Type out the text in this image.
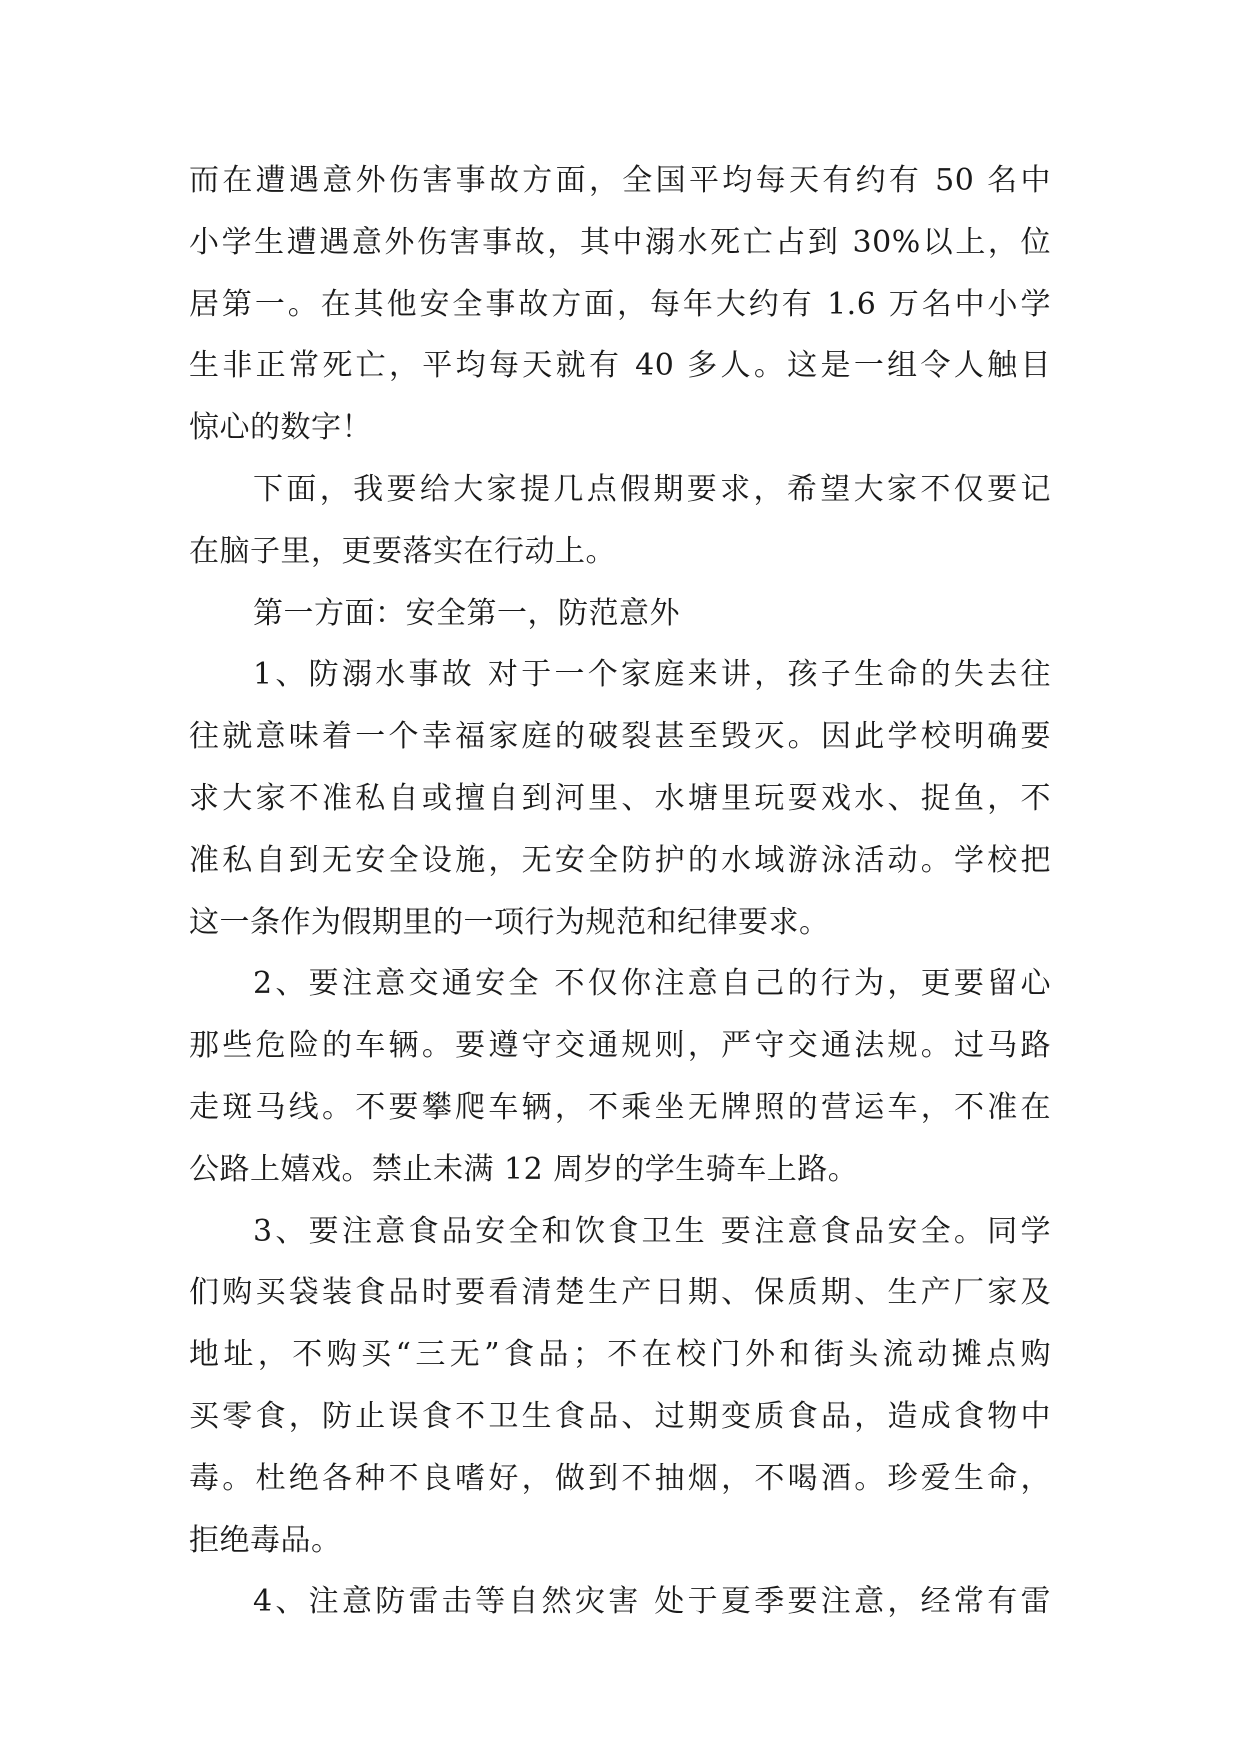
而在遭遇意外伤害事故方面，全国平均每天有约有 50 名中
小学生遭遇意外伤害事故，其中溺水死亡占到 30%以上，位
居第一。在其他安全事故方面，每年大约有 1.6 万名中小学
生非正常死亡，平均每天就有 40 多人。这是一组令人触目
惊心的数字！
下面，我要给大家提几点假期要求，希望大家不仅要记
在脑子里，更要落实在行动上。
第一方面：安全第一，防范意外
1、防溺水事故 对于一个家庭来讲，孩子生命的失去往
往就意味着一个幸福家庭的破裂甚至毁灭。因此学校明确要
求大家不准私自或擅自到河里、水塘里玩耍戏水、捉鱼，不
准私自到无安全设施，无安全防护的水域游泳活动。学校把
这一条作为假期里的一项行为规范和纪律要求。
2、要注意交通安全 不仅你注意自己的行为，更要留心
那些危险的车辆。要遵守交通规则，严守交通法规。过马路
走斑马线。不要攀爬车辆，不乘坐无牌照的营运车，不准在
公路上嬉戏。禁止未满 12 周岁的学生骑车上路。
3、要注意食品安全和饮食卫生 要注意食品安全。同学
们购买袋装食品时要看清楚生产日期、保质期、生产厂家及
地址，不购买“三无”食品；不在校门外和街头流动摊点购
买零食，防止误食不卫生食品、过期变质食品，造成食物中
毒。杜绝各种不良嗜好，做到不抽烟，不喝酒。珍爱生命，
拒绝毒品。
4、注意防雷击等自然灾害 处于夏季要注意，经常有雷
